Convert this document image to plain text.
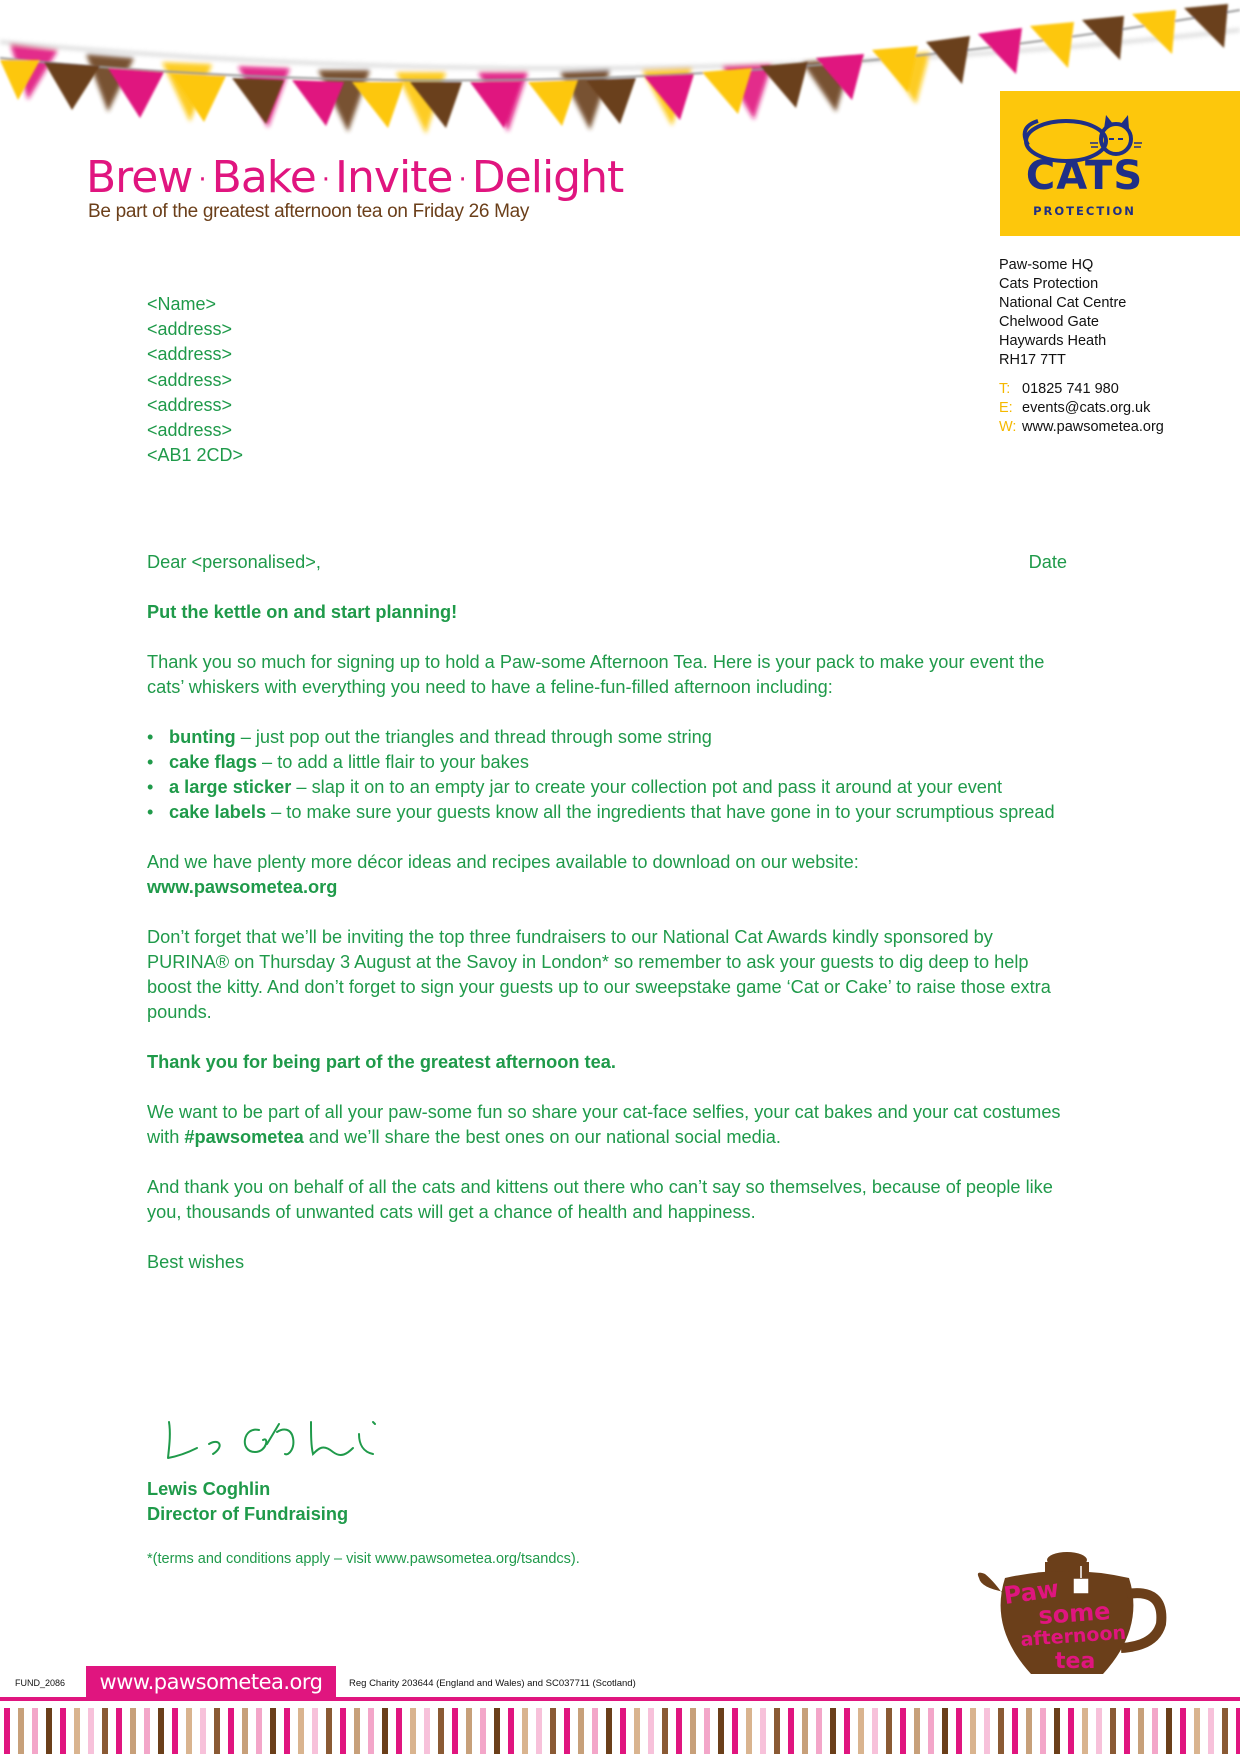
Brew · Bake · Invite · Delight
Be part of the greatest afternoon tea on Friday 26 May
CATS
PROTECTION
Paw-some HQ
Cats Protection
National Cat Centre
Chelwood Gate
Haywards Heath
RH17 7TT
T: 01825 741 980
E: events@cats.org.uk
W: www.pawsometea.org
<Name>
<address>
<address>
<address>
<address>
<address>
<AB1 2CD>
Dear <personalised>,	Date

Put the kettle on and start planning!

Thank you so much for signing up to hold a Paw-some Afternoon Tea. Here is your pack to make your event the cats’ whiskers with everything you need to have a feline-fun-filled afternoon including:

• bunting – just pop out the triangles and thread through some string
• cake flags – to add a little flair to your bakes
• a large sticker – slap it on to an empty jar to create your collection pot and pass it around at your event
• cake labels – to make sure your guests know all the ingredients that have gone in to your scrumptious spread

And we have plenty more décor ideas and recipes available to download on our website:
www.pawsometea.org

Don’t forget that we’ll be inviting the top three fundraisers to our National Cat Awards kindly sponsored by PURINA® on Thursday 3 August at the Savoy in London* so remember to ask your guests to dig deep to help boost the kitty. And don’t forget to sign your guests up to our sweepstake game ‘Cat or Cake’ to raise those extra pounds.

Thank you for being part of the greatest afternoon tea.

We want to be part of all your paw-some fun so share your cat-face selfies, your cat bakes and your cat costumes with #pawsometea and we’ll share the best ones on our national social media.

And thank you on behalf of all the cats and kittens out there who can’t say so themselves, because of people like you, thousands of unwanted cats will get a chance of health and happiness.

Best wishes

Lewis Coghlin
Director of Fundraising
*(terms and conditions apply – visit www.pawsometea.org/tsandcs).
Paw
some
afternoon
tea
FUND_2086	www.pawsometea.org	Reg Charity 203644 (England and Wales) and SC037711 (Scotland)
